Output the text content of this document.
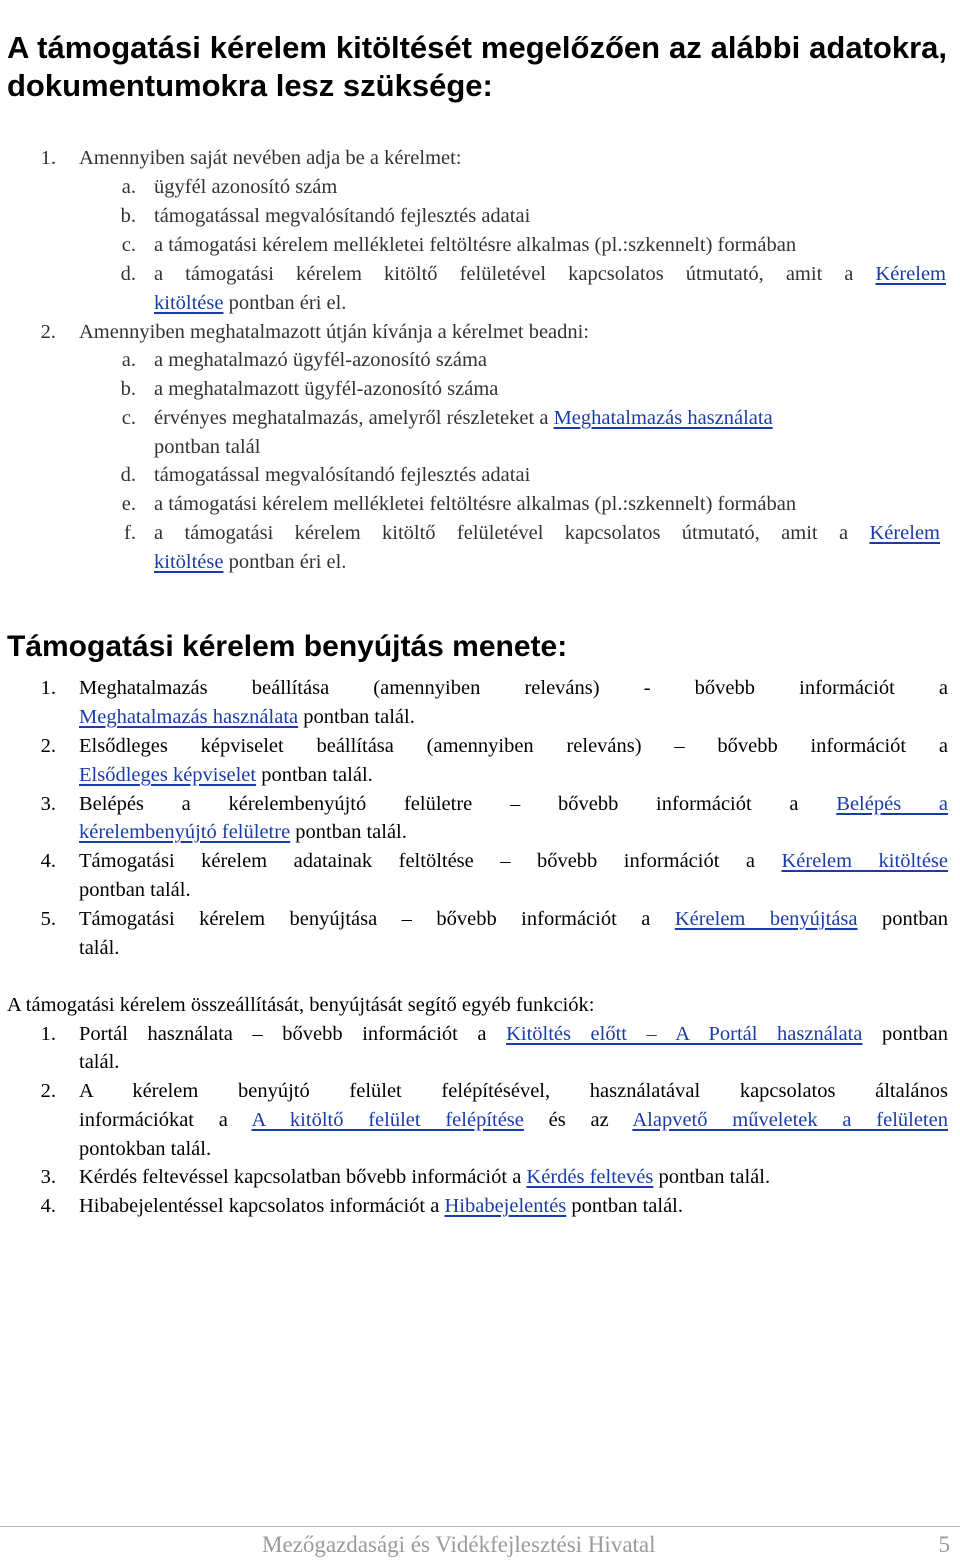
A támogatási kérelem kitöltését megelőzően az alábbi adatokra, dokumentumokra lesz szüksége:
1. Amennyiben saját nevében adja be a kérelmet:
a. ügyfél azonosító szám
b. támogatással megvalósítandó fejlesztés adatai
c. a támogatási kérelem mellékletei feltöltésre alkalmas (pl.:szkennelt) formában
d. a támogatási kérelem kitöltő felületével kapcsolatos útmutató, amit a Kérelem
kitöltése pontban éri el.
2. Amennyiben meghatalmazott útján kívánja a kérelmet beadni:
a. a meghatalmazó ügyfél-azonosító száma
b. a meghatalmazott ügyfél-azonosító száma
c. érvényes meghatalmazás, amelyről részleteket a Meghatalmazás használata
pontban talál
d. támogatással megvalósítandó fejlesztés adatai
e. a támogatási kérelem mellékletei feltöltésre alkalmas (pl.:szkennelt) formában
f. a támogatási kérelem kitöltő felületével kapcsolatos útmutató, amit a Kérelem
kitöltése pontban éri el.
Támogatási kérelem benyújtás menete:
1. Meghatalmazás beállítása (amennyiben releváns) - bővebb információt a
Meghatalmazás használata pontban talál.
2. Elsődleges képviselet beállítása (amennyiben releváns) – bővebb információt a
Elsődleges képviselet pontban talál.
3. Belépés a kérelembenyújtó felületre – bővebb információt a Belépés a
kérelembenyújtó felületre pontban talál.
4. Támogatási kérelem adatainak feltöltése – bővebb információt a Kérelem kitöltése
pontban talál.
5. Támogatási kérelem benyújtása – bővebb információt a Kérelem benyújtása pontban
talál.
A támogatási kérelem összeállítását, benyújtását segítő egyéb funkciók:
1. Portál használata – bővebb információt a Kitöltés előtt – A Portál használata pontban
talál.
2. A kérelem benyújtó felület felépítésével, használatával kapcsolatos általános
információkat a A kitöltő felület felépítése és az Alapvető műveletek a felületen
pontokban talál.
3. Kérdés feltevéssel kapcsolatban bővebb információt a Kérdés feltevés pontban talál.
4. Hibabejelentéssel kapcsolatos információt a Hibabejelentés pontban talál.
Mezőgazdasági és Vidékfejlesztési Hivatal	5
